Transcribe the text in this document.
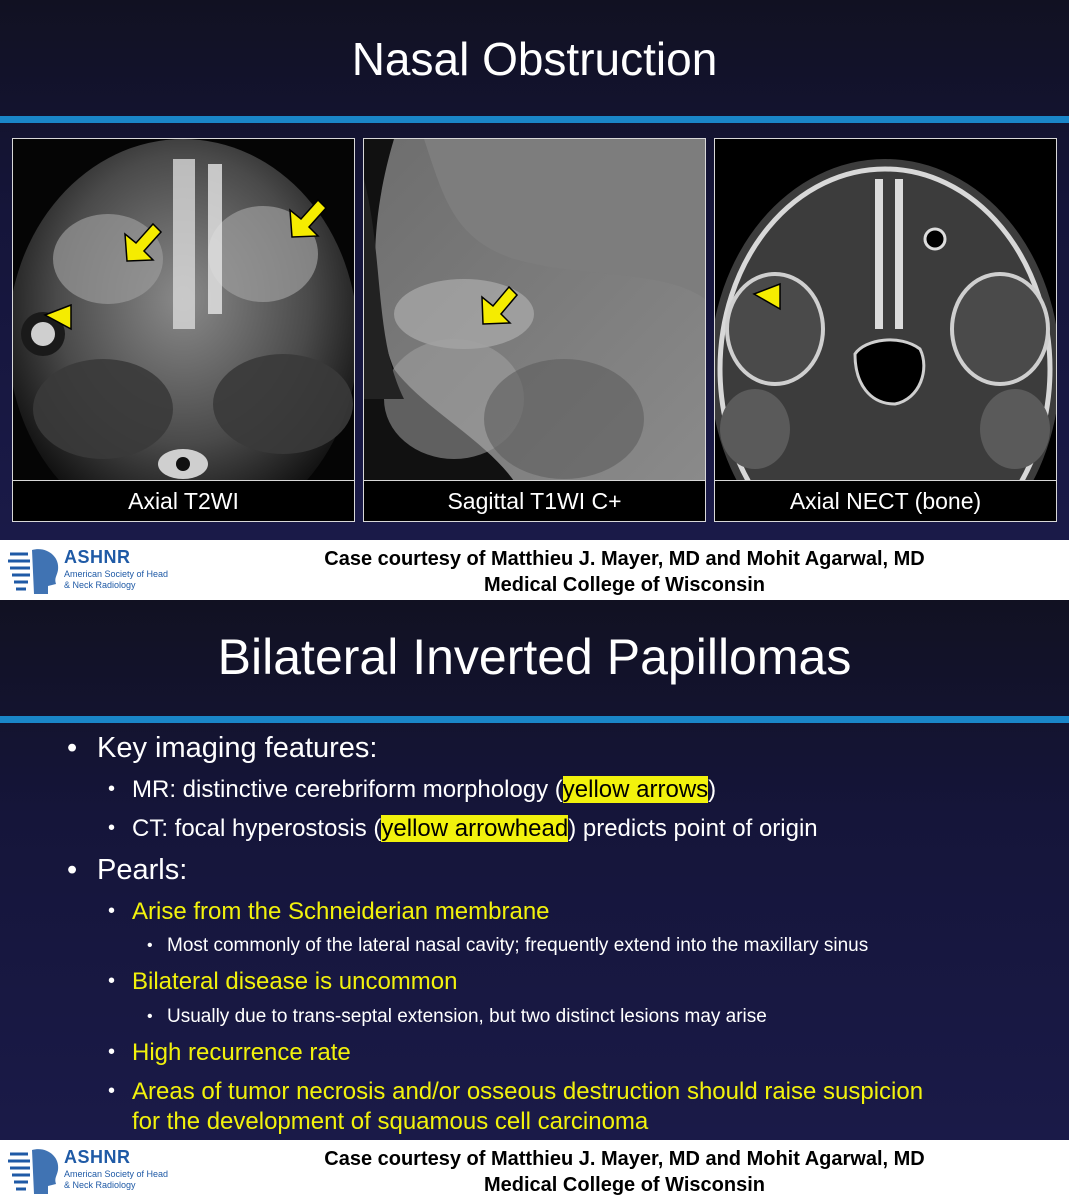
Nasal Obstruction
Axial T2WI	Sagittal T1WI C+	Axial NECT (bone)
ASHNR
American Society of Head & Neck Radiology
Case courtesy of Matthieu J. Mayer, MD and Mohit Agarwal, MD
Medical College of Wisconsin
Bilateral Inverted Papillomas
• Key imaging features:
• MR: distinctive cerebriform morphology (yellow arrows)
• CT: focal hyperostosis (yellow arrowhead) predicts point of origin
• Pearls:
• Arise from the Schneiderian membrane
• Most commonly of the lateral nasal cavity; frequently extend into the maxillary sinus
• Bilateral disease is uncommon
• Usually due to trans-septal extension, but two distinct lesions may arise
• High recurrence rate
• Areas of tumor necrosis and/or osseous destruction should raise suspicion
for the development of squamous cell carcinoma
ASHNR
American Society of Head & Neck Radiology
Case courtesy of Matthieu J. Mayer, MD and Mohit Agarwal, MD
Medical College of Wisconsin
